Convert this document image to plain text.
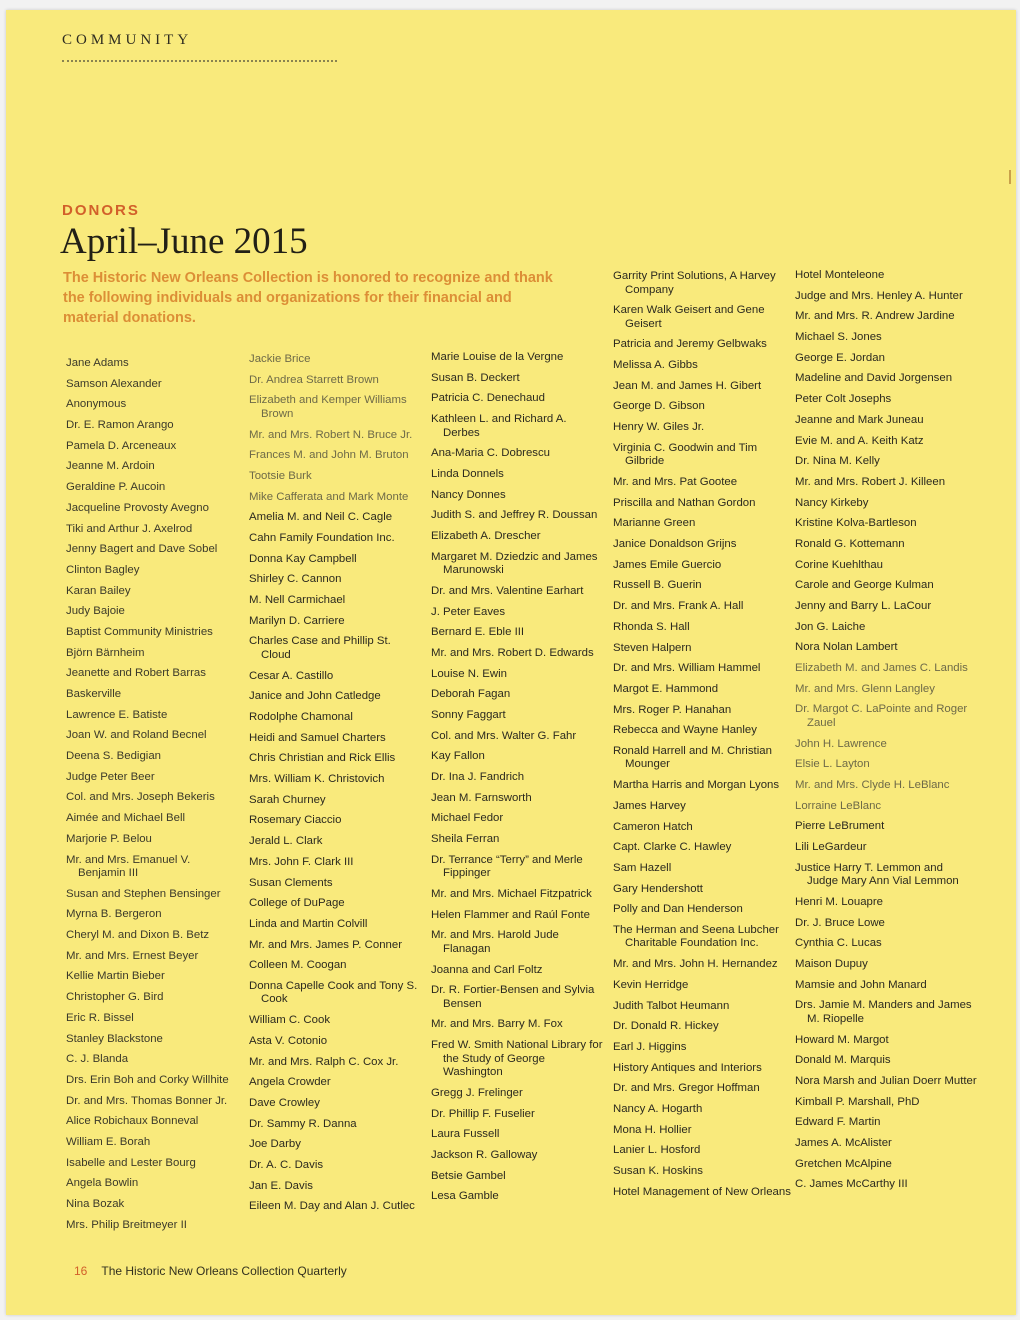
COMMUNITY
DONORS
April–June 2015
The Historic New Orleans Collection is honored to recognize and thank the following individuals and organizations for their financial and material donations.
Jane Adams
Samson Alexander
Anonymous
Dr. E. Ramon Arango
Pamela D. Arceneaux
Jeanne M. Ardoin
Geraldine P. Aucoin
Jacqueline Provosty Avegno
Tiki and Arthur J. Axelrod
Jenny Bagert and Dave Sobel
Clinton Bagley
Karan Bailey
Judy Bajoie
Baptist Community Ministries
Björn Bärnheim
Jeanette and Robert Barras
Baskerville
Lawrence E. Batiste
Joan W. and Roland Becnel
Deena S. Bedigian
Judge Peter Beer
Col. and Mrs. Joseph Bekeris
Aimée and Michael Bell
Marjorie P. Belou
Mr. and Mrs. Emanuel V. Benjamin III
Susan and Stephen Bensinger
Myrna B. Bergeron
Cheryl M. and Dixon B. Betz
Mr. and Mrs. Ernest Beyer
Kellie Martin Bieber
Christopher G. Bird
Eric R. Bissel
Stanley Blackstone
C. J. Blanda
Drs. Erin Boh and Corky Willhite
Dr. and Mrs. Thomas Bonner Jr.
Alice Robichaux Bonneval
William E. Borah
Isabelle and Lester Bourg
Angela Bowlin
Nina Bozak
Mrs. Philip Breitmeyer II
Jackie Brice
Dr. Andrea Starrett Brown
Elizabeth and Kemper Williams Brown
Mr. and Mrs. Robert N. Bruce Jr.
Frances M. and John M. Bruton
Tootsie Burk
Mike Cafferata and Mark Monte
Amelia M. and Neil C. Cagle
Cahn Family Foundation Inc.
Donna Kay Campbell
Shirley C. Cannon
M. Nell Carmichael
Marilyn D. Carriere
Charles Case and Phillip St. Cloud
Cesar A. Castillo
Janice and John Catledge
Rodolphe Chamonal
Heidi and Samuel Charters
Chris Christian and Rick Ellis
Mrs. William K. Christovich
Sarah Churney
Rosemary Ciaccio
Jerald L. Clark
Mrs. John F. Clark III
Susan Clements
College of DuPage
Linda and Martin Colvill
Mr. and Mrs. James P. Conner
Colleen M. Coogan
Donna Capelle Cook and Tony S. Cook
William C. Cook
Asta V. Cotonio
Mr. and Mrs. Ralph C. Cox Jr.
Angela Crowder
Dave Crowley
Dr. Sammy R. Danna
Joe Darby
Dr. A. C. Davis
Jan E. Davis
Eileen M. Day and Alan J. Cutlec
Marie Louise de la Vergne
Susan B. Deckert
Patricia C. Denechaud
Kathleen L. and Richard A. Derbes
Ana-Maria C. Dobrescu
Linda Donnels
Nancy Donnes
Judith S. and Jeffrey R. Doussan
Elizabeth A. Drescher
Margaret M. Dziedzic and James Marunowski
Dr. and Mrs. Valentine Earhart
J. Peter Eaves
Bernard E. Eble III
Mr. and Mrs. Robert D. Edwards
Louise N. Ewin
Deborah Fagan
Sonny Faggart
Col. and Mrs. Walter G. Fahr
Kay Fallon
Dr. Ina J. Fandrich
Jean M. Farnsworth
Michael Fedor
Sheila Ferran
Dr. Terrance “Terry” and Merle Fippinger
Mr. and Mrs. Michael Fitzpatrick
Helen Flammer and Raúl Fonte
Mr. and Mrs. Harold Jude Flanagan
Joanna and Carl Foltz
Dr. R. Fortier-Bensen and Sylvia Bensen
Mr. and Mrs. Barry M. Fox
Fred W. Smith National Library for the Study of George Washington
Gregg J. Frelinger
Dr. Phillip F. Fuselier
Laura Fussell
Jackson R. Galloway
Betsie Gambel
Lesa Gamble
Garrity Print Solutions, A Harvey Company
Karen Walk Geisert and Gene Geisert
Patricia and Jeremy Gelbwaks
Melissa A. Gibbs
Jean M. and James H. Gibert
George D. Gibson
Henry W. Giles Jr.
Virginia C. Goodwin and Tim Gilbride
Mr. and Mrs. Pat Gootee
Priscilla and Nathan Gordon
Marianne Green
Janice Donaldson Grijns
James Emile Guercio
Russell B. Guerin
Dr. and Mrs. Frank A. Hall
Rhonda S. Hall
Steven Halpern
Dr. and Mrs. William Hammel
Margot E. Hammond
Mrs. Roger P. Hanahan
Rebecca and Wayne Hanley
Ronald Harrell and M. Christian Mounger
Martha Harris and Morgan Lyons
James Harvey
Cameron Hatch
Capt. Clarke C. Hawley
Sam Hazell
Gary Hendershott
Polly and Dan Henderson
The Herman and Seena Lubcher Charitable Foundation Inc.
Mr. and Mrs. John H. Hernandez
Kevin Herridge
Judith Talbot Heumann
Dr. Donald R. Hickey
Earl J. Higgins
History Antiques and Interiors
Dr. and Mrs. Gregor Hoffman
Nancy A. Hogarth
Mona H. Hollier
Lanier L. Hosford
Susan K. Hoskins
Hotel Management of New Orleans
Hotel Monteleone
Judge and Mrs. Henley A. Hunter
Mr. and Mrs. R. Andrew Jardine
Michael S. Jones
George E. Jordan
Madeline and David Jorgensen
Peter Colt Josephs
Jeanne and Mark Juneau
Evie M. and A. Keith Katz
Dr. Nina M. Kelly
Mr. and Mrs. Robert J. Killeen
Nancy Kirkeby
Kristine Kolva-Bartleson
Ronald G. Kottemann
Corine Kuehlthau
Carole and George Kulman
Jenny and Barry L. LaCour
Jon G. Laiche
Nora Nolan Lambert
Elizabeth M. and James C. Landis
Mr. and Mrs. Glenn Langley
Dr. Margot C. LaPointe and Roger Zauel
John H. Lawrence
Elsie L. Layton
Mr. and Mrs. Clyde H. LeBlanc
Lorraine LeBlanc
Pierre LeBrument
Lili LeGardeur
Justice Harry T. Lemmon and Judge Mary Ann Vial Lemmon
Henri M. Louapre
Dr. J. Bruce Lowe
Cynthia C. Lucas
Maison Dupuy
Mamsie and John Manard
Drs. Jamie M. Manders and James M. Riopelle
Howard M. Margot
Donald M. Marquis
Nora Marsh and Julian Doerr Mutter
Kimball P. Marshall, PhD
Edward F. Martin
James A. McAlister
Gretchen McAlpine
C. James McCarthy III
16 The Historic New Orleans Collection Quarterly
